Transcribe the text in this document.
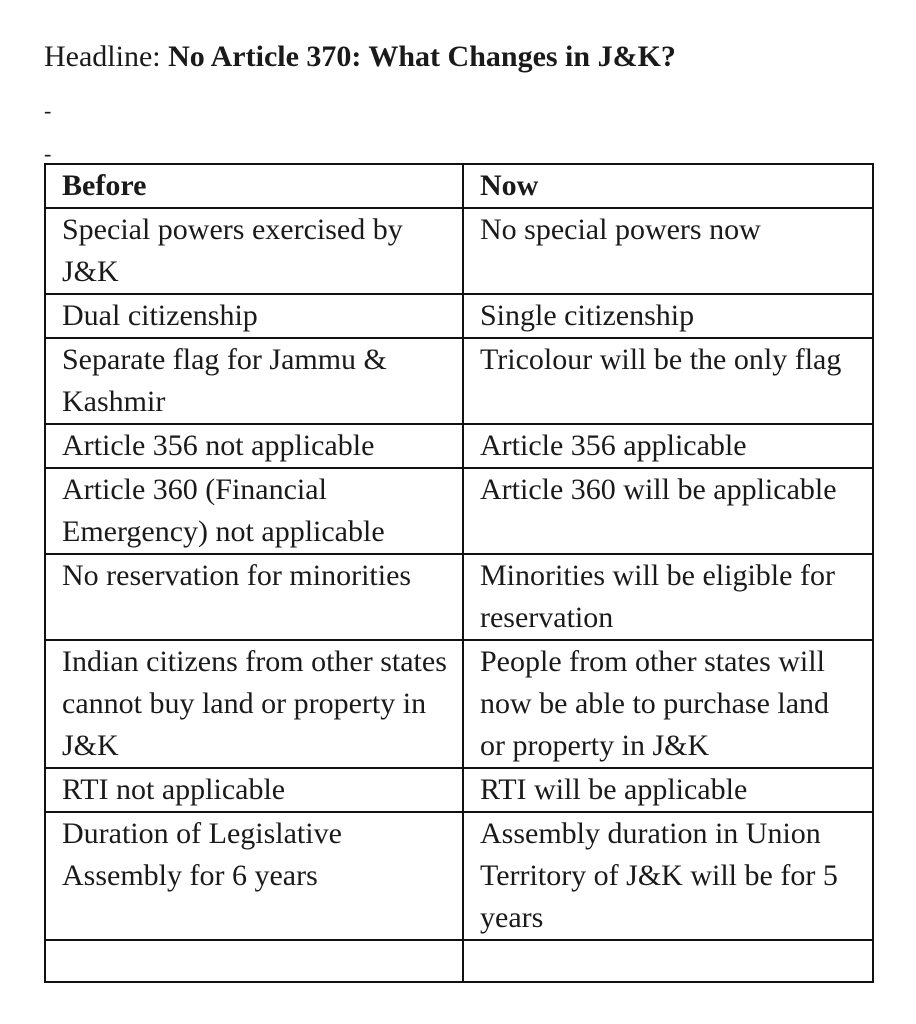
Headline: No Article 370: What Changes in J&K?
-
-
Before	Now
Special powers exercised by J&K	No special powers now
Dual citizenship	Single citizenship
Separate flag for Jammu & Kashmir	Tricolour will be the only flag
Article 356 not applicable	Article 356 applicable
Article 360 (Financial Emergency) not applicable	Article 360 will be applicable
No reservation for minorities	Minorities will be eligible for reservation
Indian citizens from other states cannot buy land or property in J&K	People from other states will now be able to purchase land or property in J&K
RTI not applicable	RTI will be applicable
Duration of Legislative Assembly for 6 years	Assembly duration in Union Territory of J&K will be for 5 years
